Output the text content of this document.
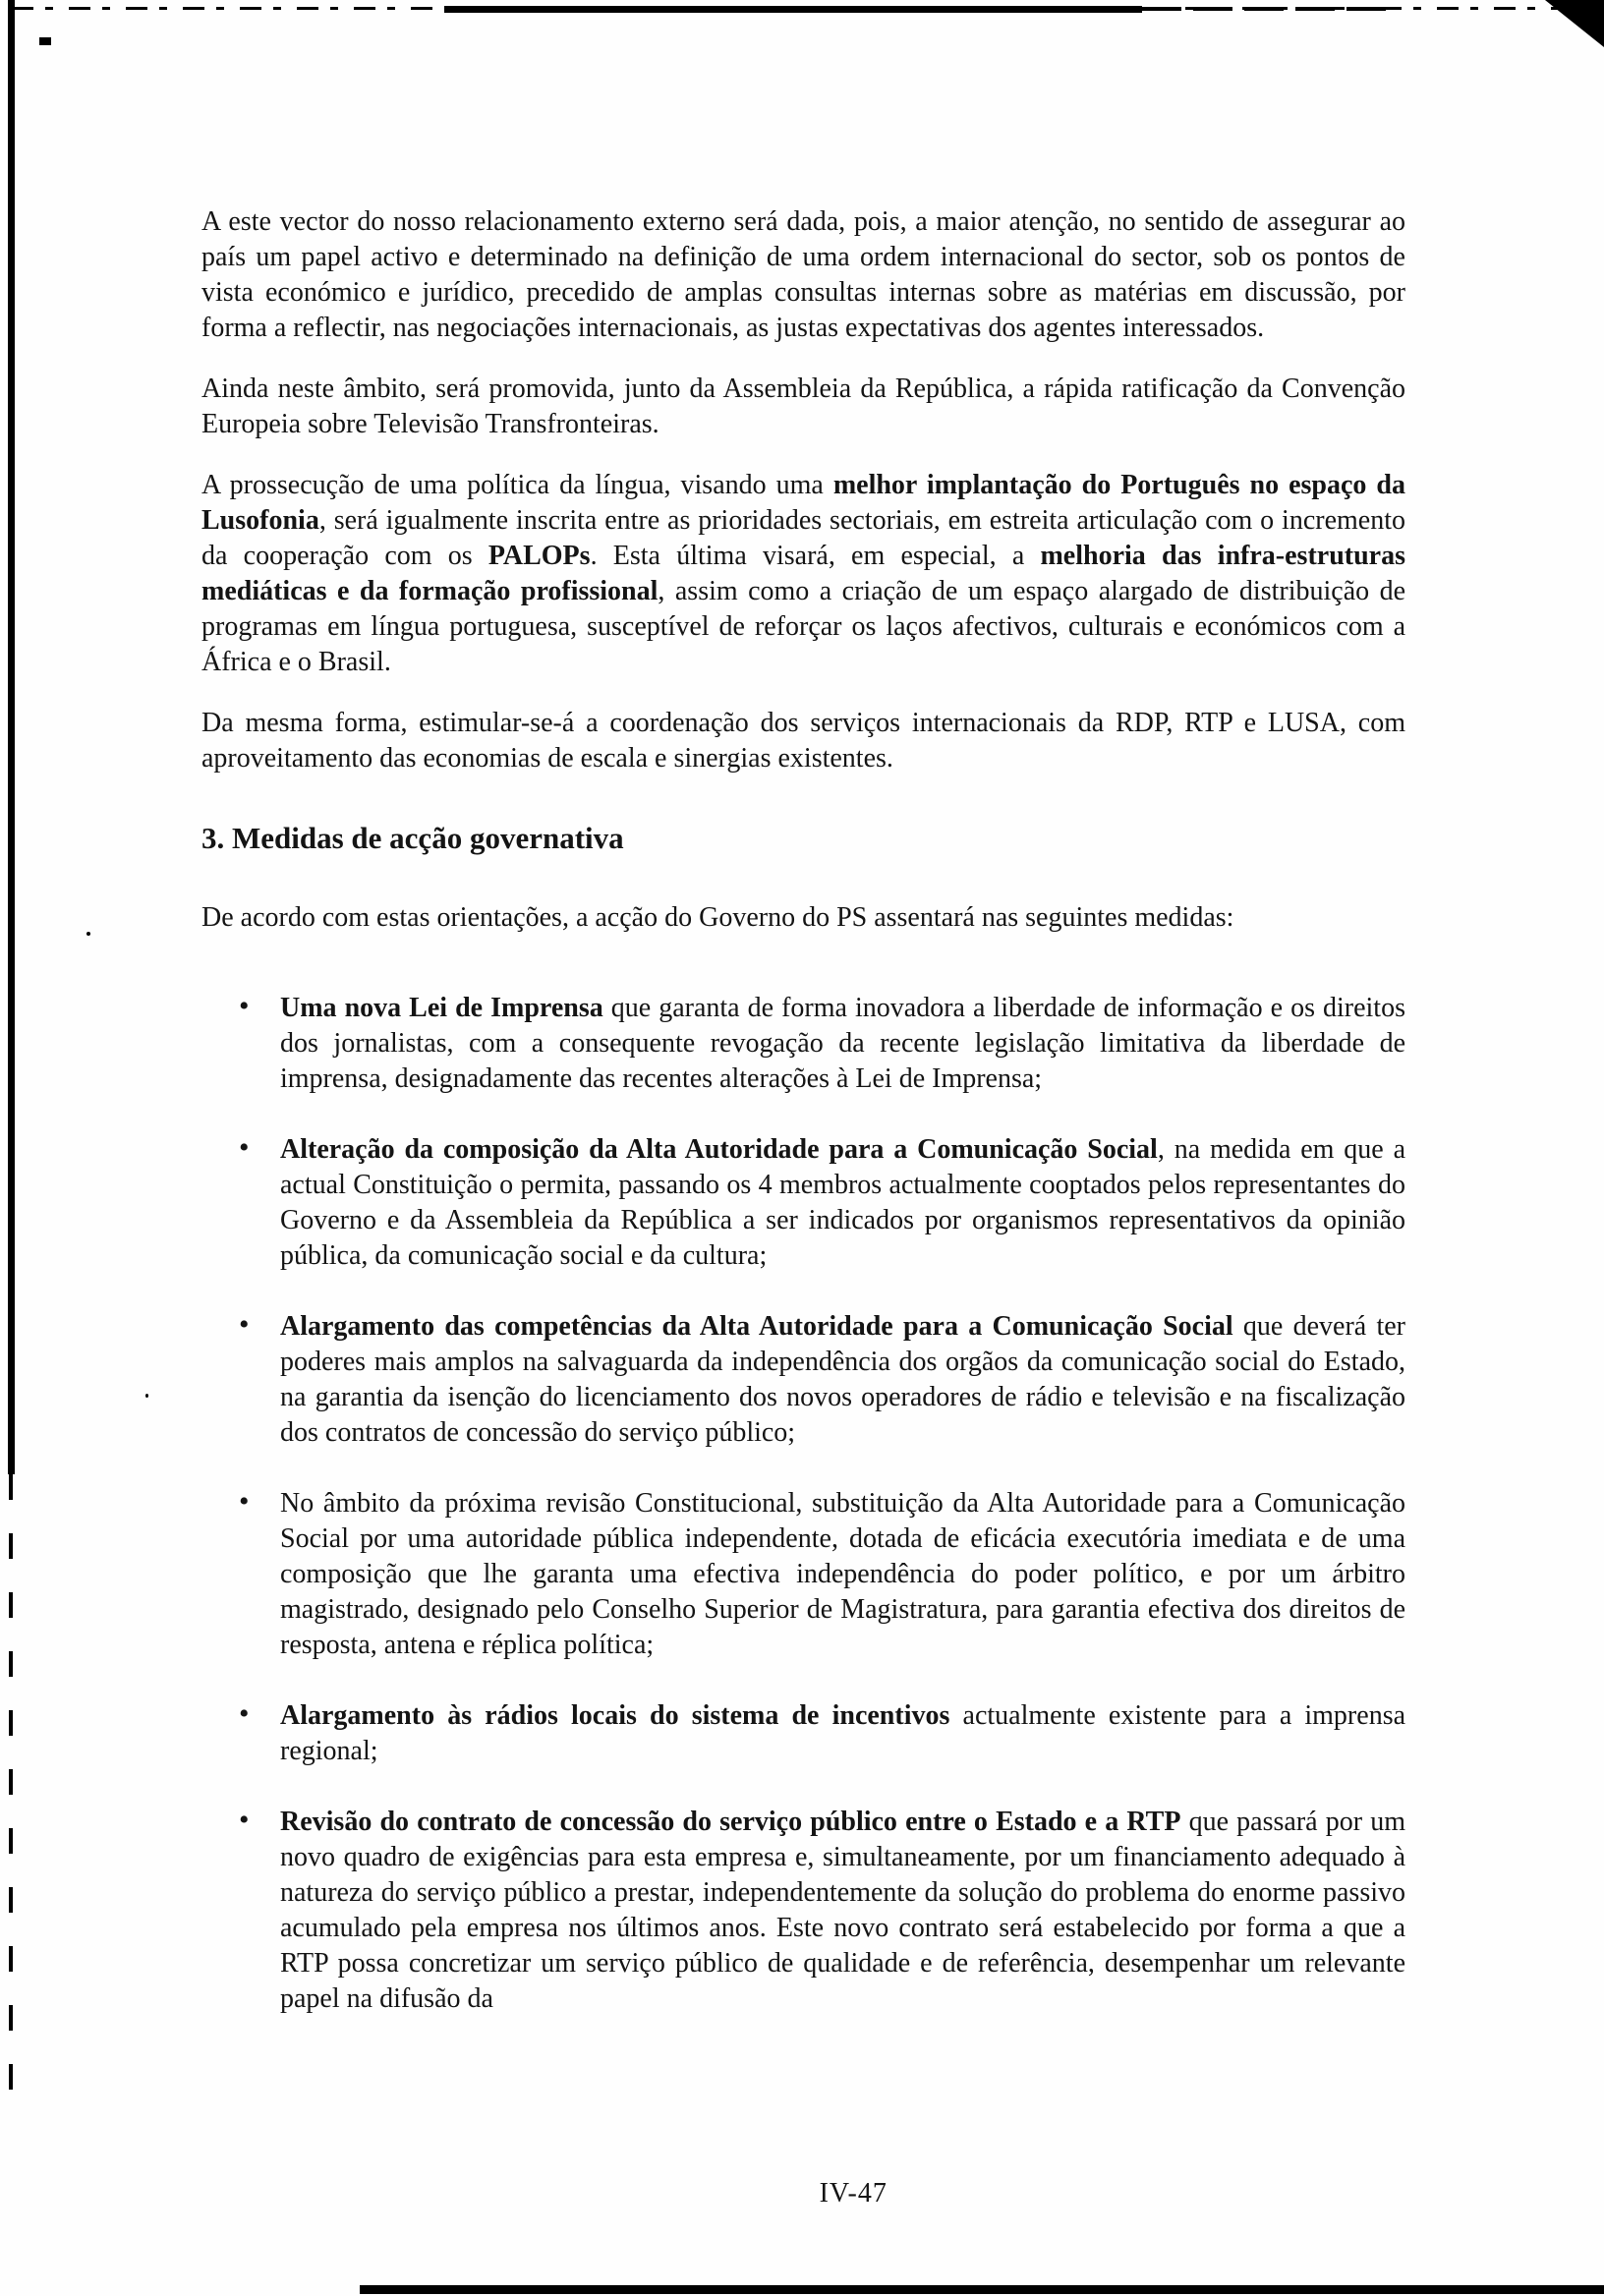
A este vector do nosso relacionamento externo será dada, pois, a maior atenção, no sentido de assegurar ao país um papel activo e determinado na definição de uma ordem internacional do sector, sob os pontos de vista económico e jurídico, precedido de amplas consultas internas sobre as matérias em discussão, por forma a reflectir, nas negociações internacionais, as justas expectativas dos agentes interessados.

Ainda neste âmbito, será promovida, junto da Assembleia da República, a rápida ratificação da Convenção Europeia sobre Televisão Transfronteiras.

A prossecução de uma política da língua, visando uma melhor implantação do Português no espaço da Lusofonia, será igualmente inscrita entre as prioridades sectoriais, em estreita articulação com o incremento da cooperação com os PALOPs. Esta última visará, em especial, a melhoria das infra-estruturas mediáticas e da formação profissional, assim como a criação de um espaço alargado de distribuição de programas em língua portuguesa, susceptível de reforçar os laços afectivos, culturais e económicos com a África e o Brasil.

Da mesma forma, estimular-se-á a coordenação dos serviços internacionais da RDP, RTP e LUSA, com aproveitamento das economias de escala e sinergias existentes.

3. Medidas de acção governativa

De acordo com estas orientações, a acção do Governo do PS assentará nas seguintes medidas:

• Uma nova Lei de Imprensa que garanta de forma inovadora a liberdade de informação e os direitos dos jornalistas, com a consequente revogação da recente legislação limitativa da liberdade de imprensa, designadamente das recentes alterações à Lei de Imprensa;
• Alteração da composição da Alta Autoridade para a Comunicação Social, na medida em que a actual Constituição o permita, passando os 4 membros actualmente cooptados pelos representantes do Governo e da Assembleia da República a ser indicados por organismos representativos da opinião pública, da comunicação social e da cultura;
• Alargamento das competências da Alta Autoridade para a Comunicação Social que deverá ter poderes mais amplos na salvaguarda da independência dos orgãos da comunicação social do Estado, na garantia da isenção do licenciamento dos novos operadores de rádio e televisão e na fiscalização dos contratos de concessão do serviço público;
• No âmbito da próxima revisão Constitucional, substituição da Alta Autoridade para a Comunicação Social por uma autoridade pública independente, dotada de eficácia executória imediata e de uma composição que lhe garanta uma efectiva independência do poder político, e por um árbitro magistrado, designado pelo Conselho Superior de Magistratura, para garantia efectiva dos direitos de resposta, antena e réplica política;
• Alargamento às rádios locais do sistema de incentivos actualmente existente para a imprensa regional;
• Revisão do contrato de concessão do serviço público entre o Estado e a RTP que passará por um novo quadro de exigências para esta empresa e, simultaneamente, por um financiamento adequado à natureza do serviço público a prestar, independentemente da solução do problema do enorme passivo acumulado pela empresa nos últimos anos. Este novo contrato será estabelecido por forma a que a RTP possa concretizar um serviço público de qualidade e de referência, desempenhar um relevante papel na difusão da
IV-47
